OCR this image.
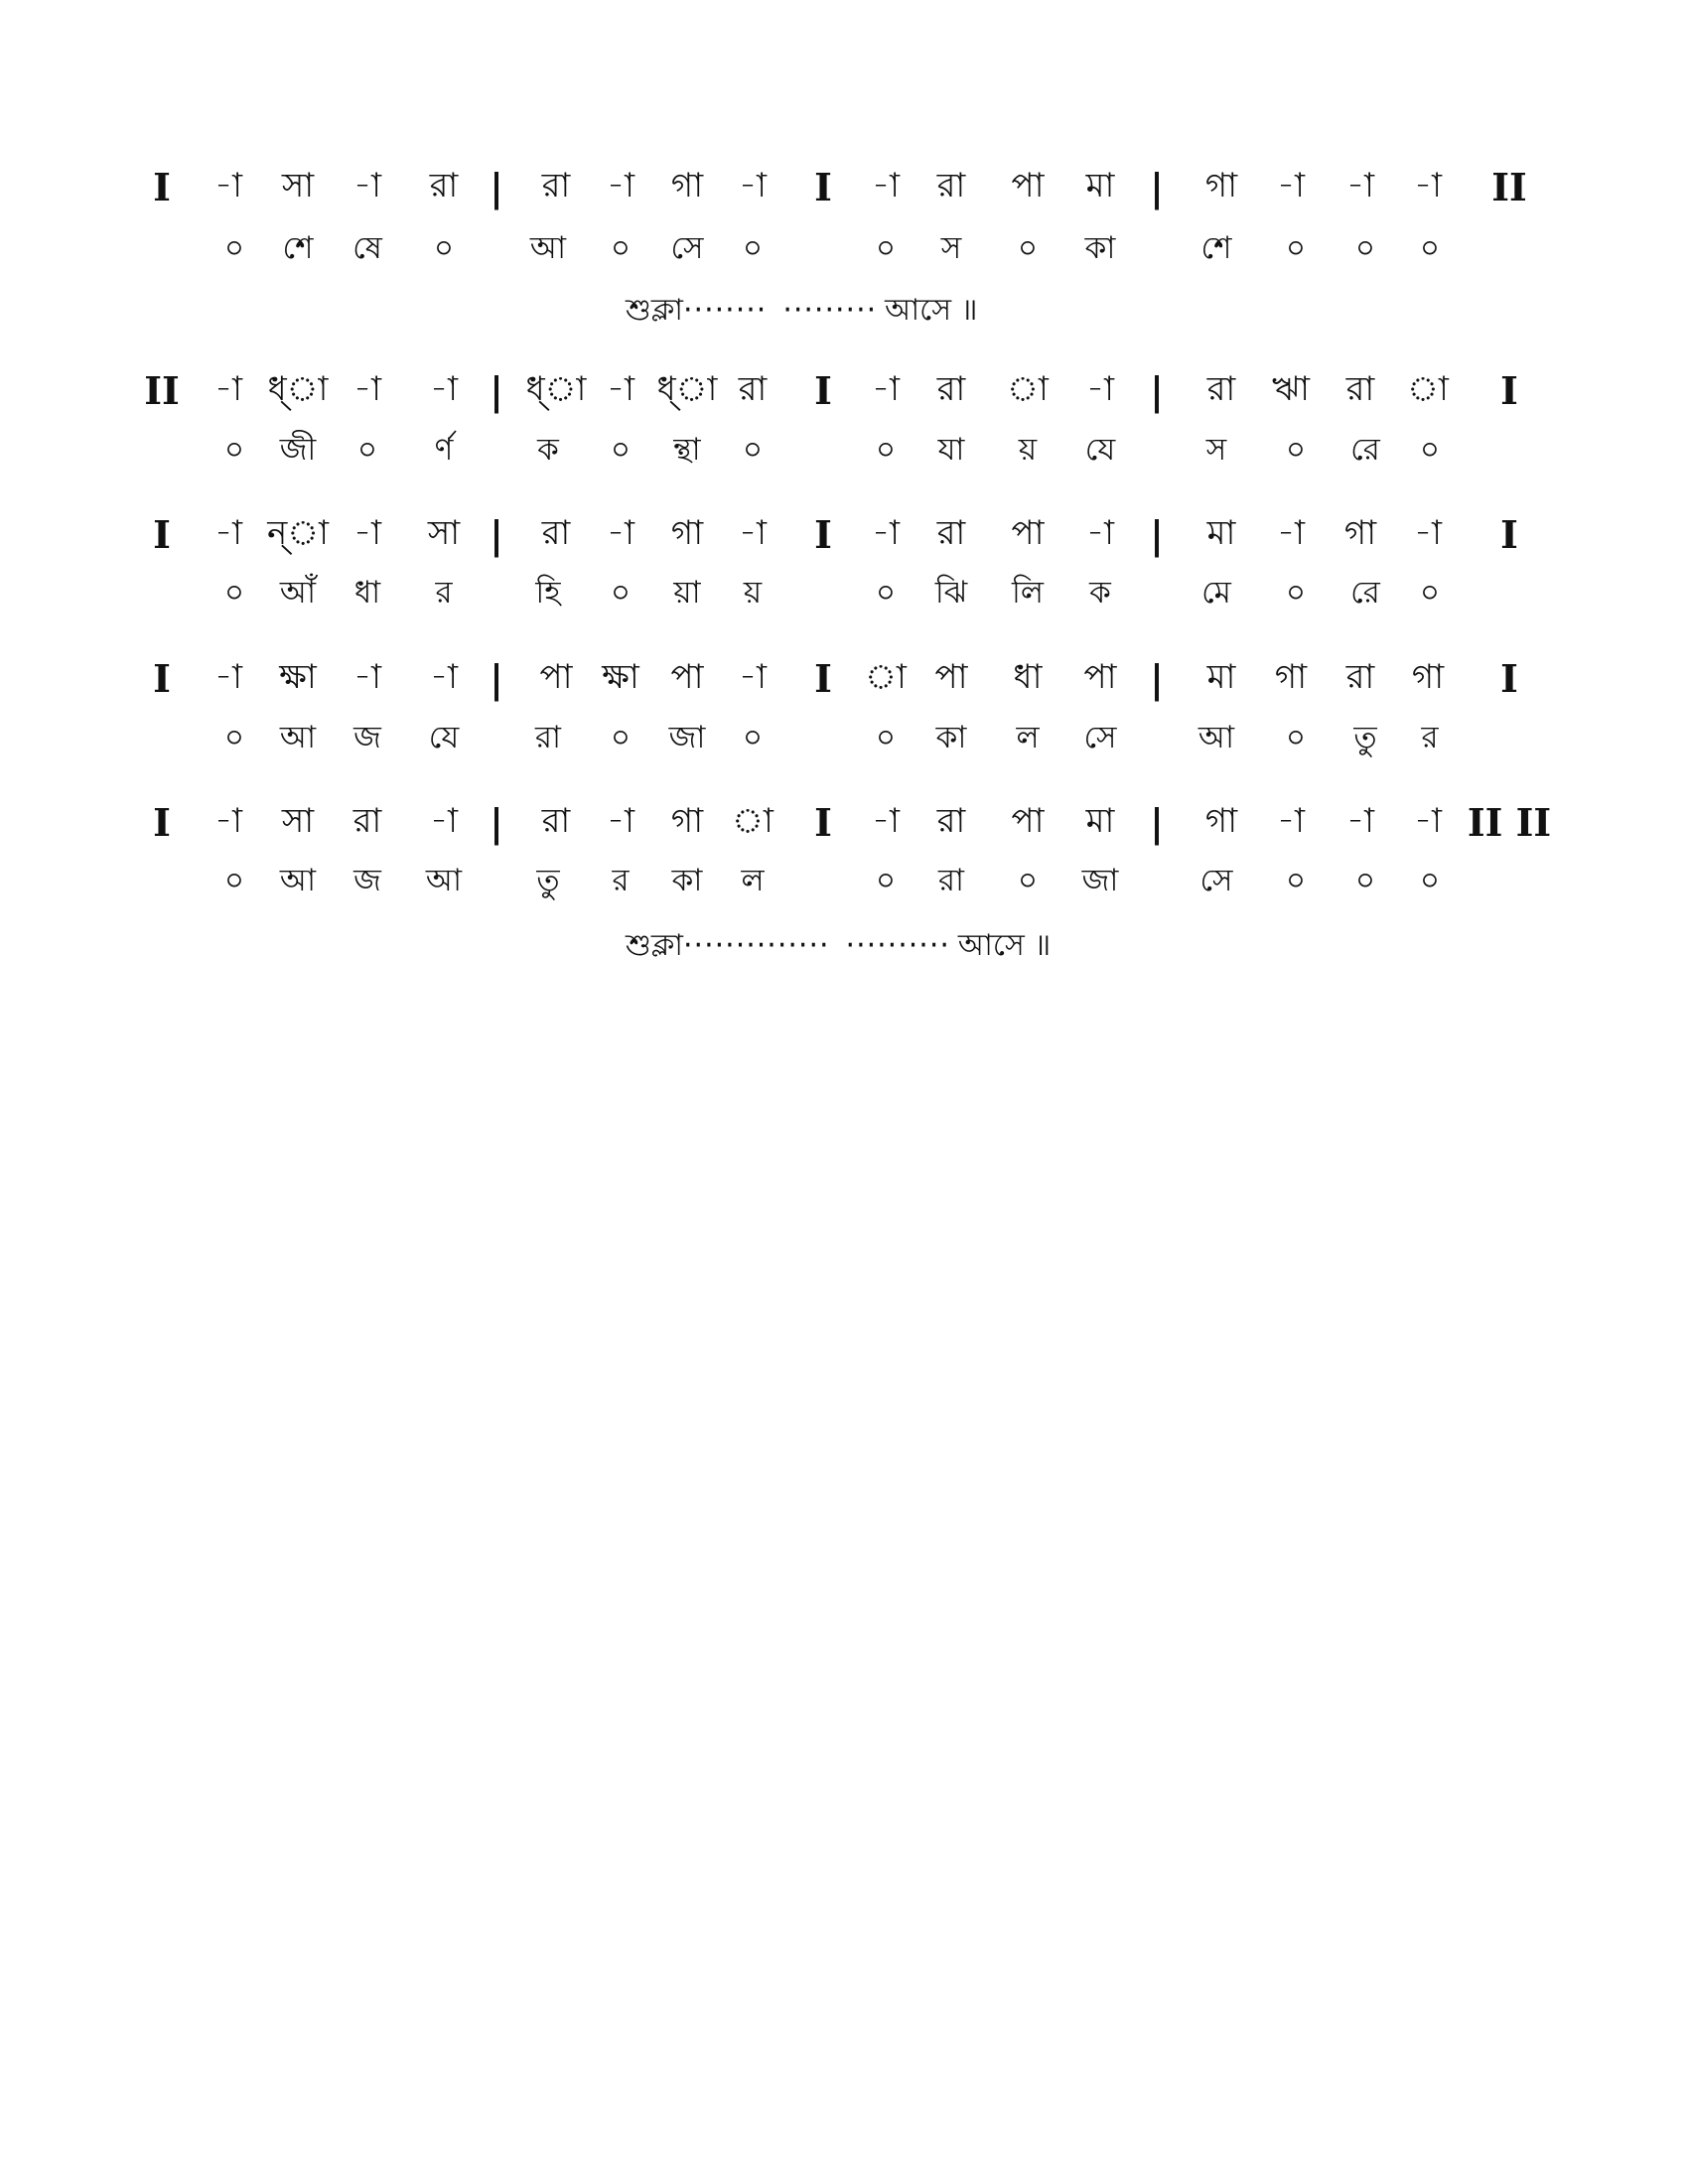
I -া সা -া রা | রা -া গা -া I -া রা পা মা | গা -া -া -া II
০ শে ষে ০ আ ০ সে ০	০ স ০ কা	শে ০ ০ ০
শুক্লা········ ········· আসে ॥
II -া ধ্া -া -া | ধ্া -া ধ্া রা I -া রা া -া | রা ঋা রা া I
০ জী ০ র্ণ	ক ০ ন্থা ০	০ যা য় যে	স ০ রে ০
I -া ন্া -া সা | রা -া গা -া I -া রা পা -া | মা -া গা -া I
০ আঁ ধা র	হি ০ য়া য়	০ ঝি লি ক	মে ০ রে ০
I -া ক্ষা -া -া | পা ক্ষা পা -া I া পা ধা পা | মা গা রা গা I
০ আ জ যে রা ০ জা ০	০ কা ল সে	আ ০ তু র
I -া সা রা -া | রা -া গা া I -া রা পা মা | গা -া -া -া II II
০ আ জ আ তু র কা ল	০ রা ০ জা	সে ০ ০ ০
শুক্লা·············· ·········· আসে ॥
